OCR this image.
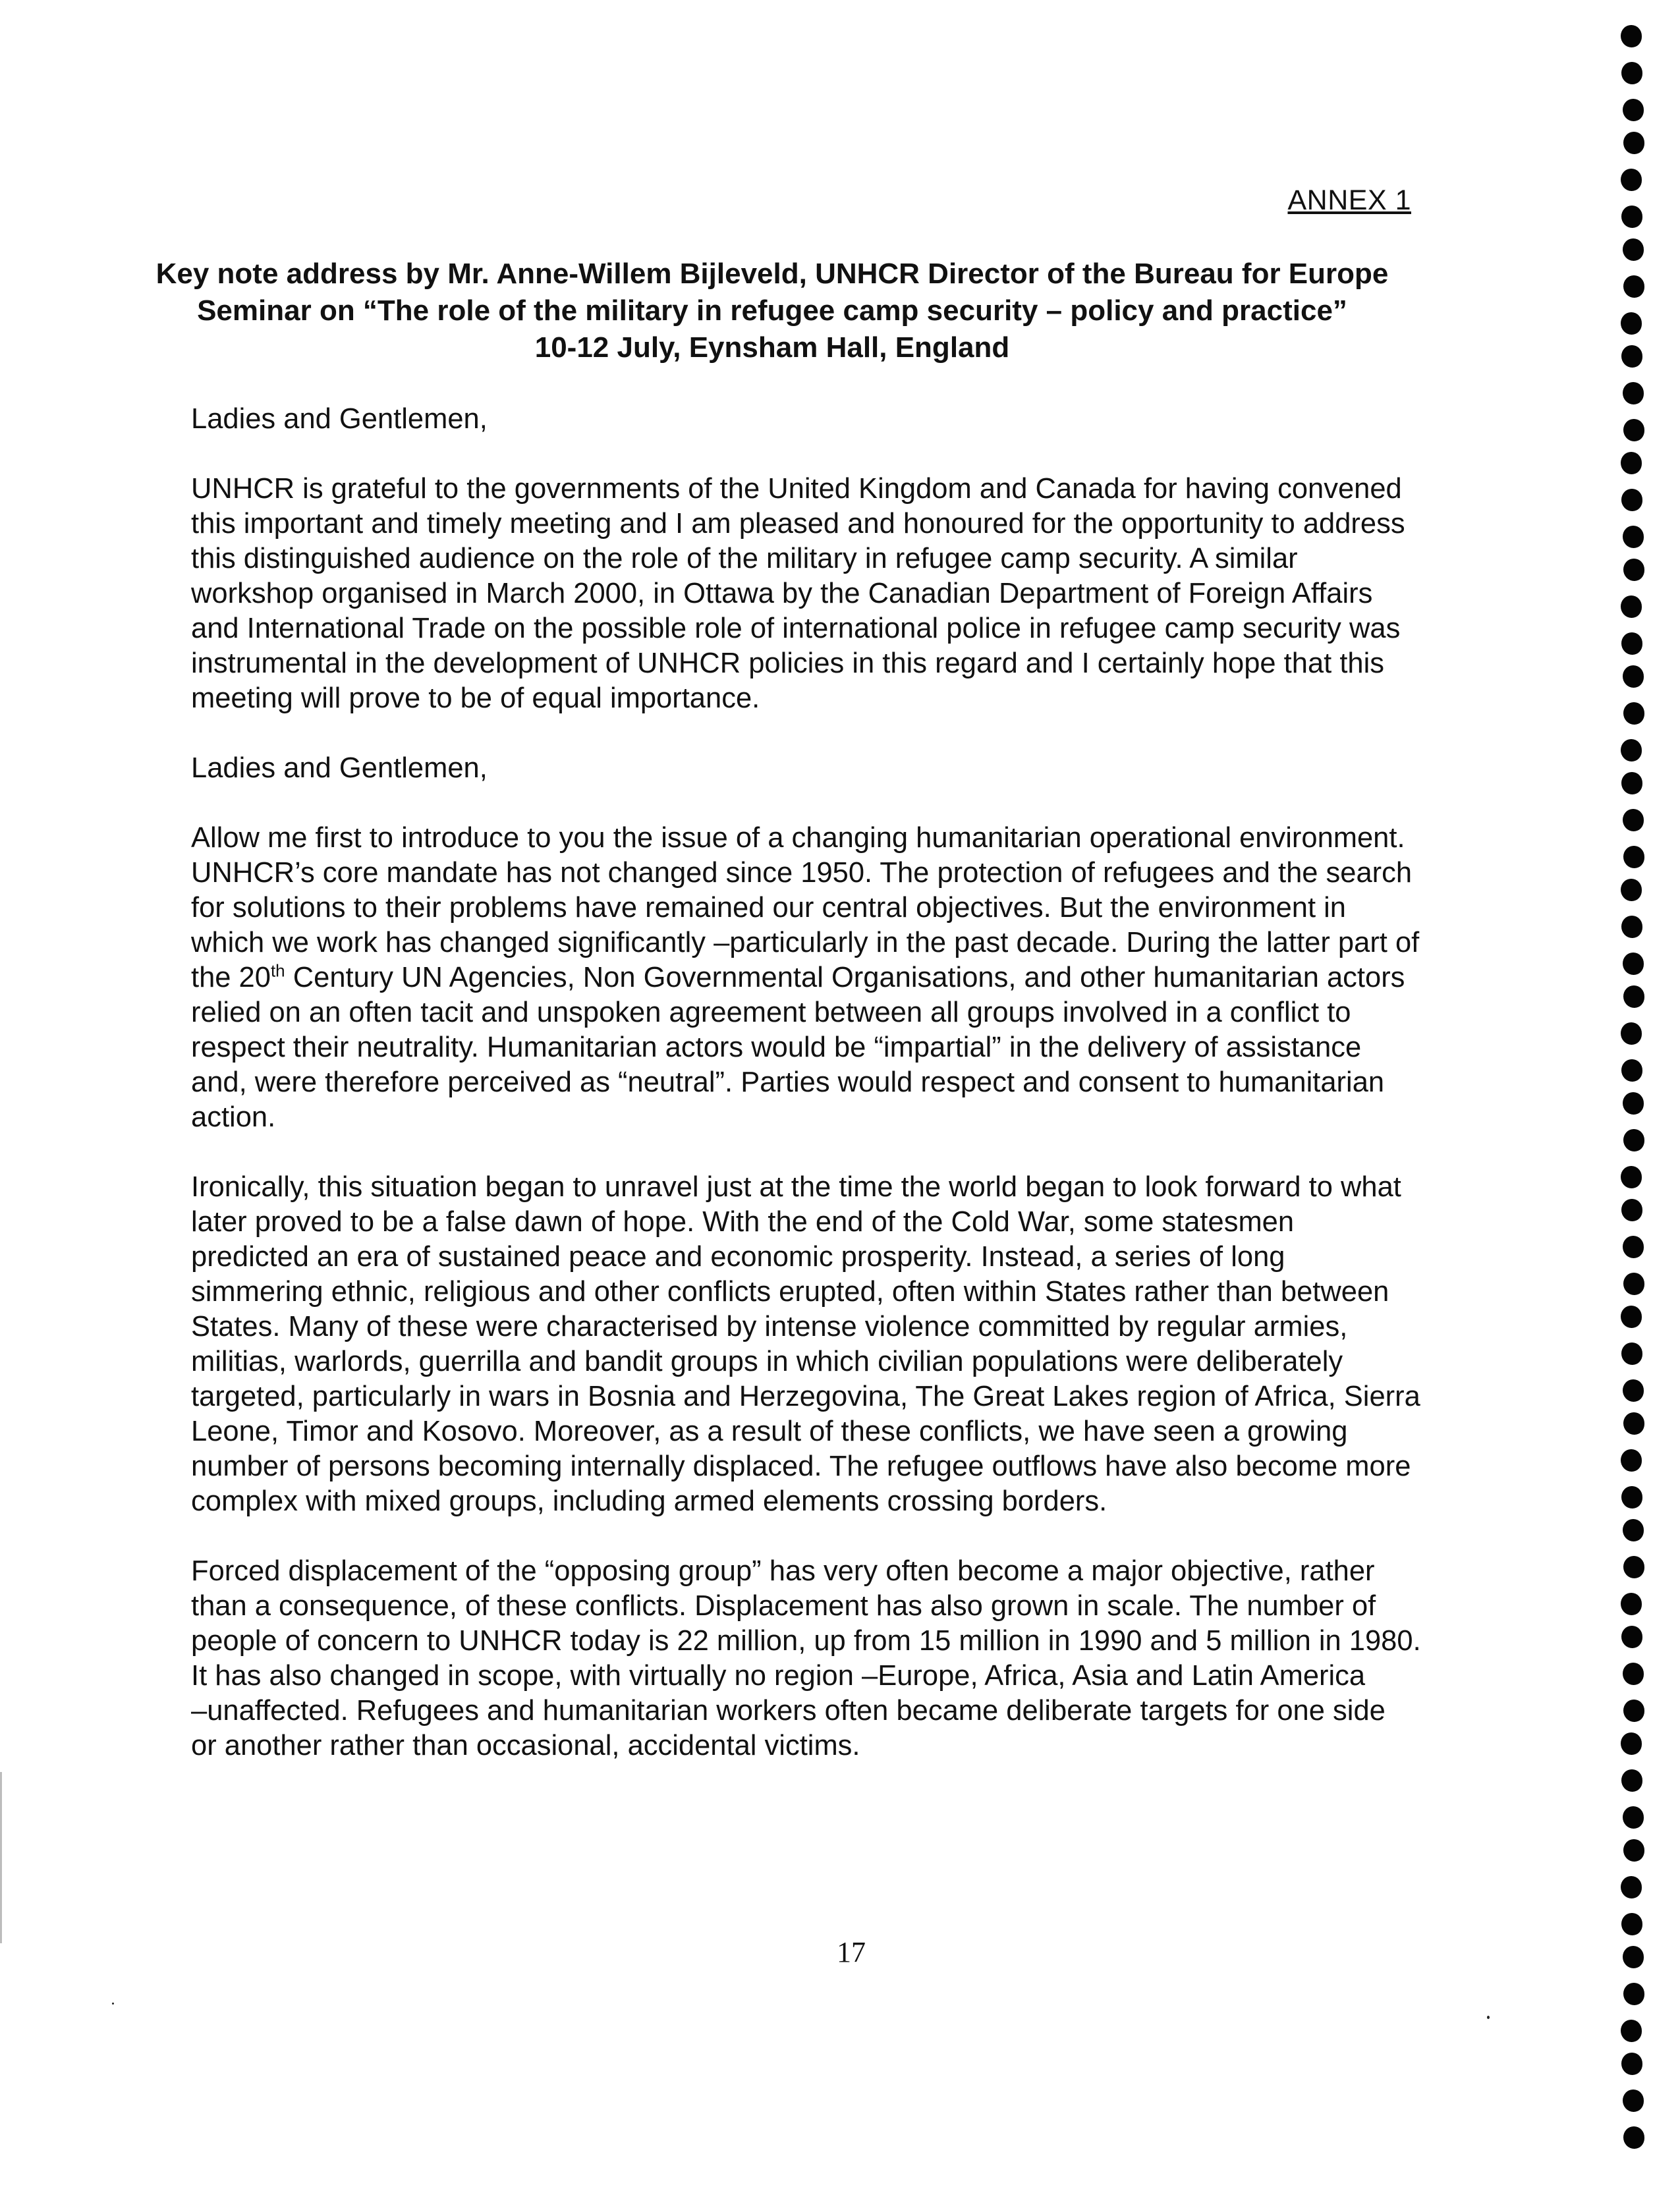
ANNEX 1
Key note address by Mr. Anne-Willem Bijleveld, UNHCR Director of the Bureau for Europe
Seminar on “The role of the military in refugee camp security – policy and practice”
10-12 July, Eynsham Hall, England

Ladies and Gentlemen,

UNHCR is grateful to the governments of the United Kingdom and Canada for having convened
this important and timely meeting and I am pleased and honoured for the opportunity to address
this distinguished audience on the role of the military in refugee camp security. A similar
workshop organised in March 2000, in Ottawa by the Canadian Department of Foreign Affairs
and International Trade on the possible role of international police in refugee camp security was
instrumental in the development of UNHCR policies in this regard and I certainly hope that this
meeting will prove to be of equal importance.

Ladies and Gentlemen,

Allow me first to introduce to you the issue of a changing humanitarian operational environment.
UNHCR’s core mandate has not changed since 1950. The protection of refugees and the search
for solutions to their problems have remained our central objectives. But the environment in
which we work has changed significantly –particularly in the past decade. During the latter part of
the 20th Century UN Agencies, Non Governmental Organisations, and other humanitarian actors
relied on an often tacit and unspoken agreement between all groups involved in a conflict to
respect their neutrality. Humanitarian actors would be “impartial” in the delivery of assistance
and, were therefore perceived as “neutral”. Parties would respect and consent to humanitarian
action.

Ironically, this situation began to unravel just at the time the world began to look forward to what
later proved to be a false dawn of hope. With the end of the Cold War, some statesmen
predicted an era of sustained peace and economic prosperity. Instead, a series of long
simmering ethnic, religious and other conflicts erupted, often within States rather than between
States. Many of these were characterised by intense violence committed by regular armies,
militias, warlords, guerrilla and bandit groups in which civilian populations were deliberately
targeted, particularly in wars in Bosnia and Herzegovina, The Great Lakes region of Africa, Sierra
Leone, Timor and Kosovo. Moreover, as a result of these conflicts, we have seen a growing
number of persons becoming internally displaced. The refugee outflows have also become more
complex with mixed groups, including armed elements crossing borders.

Forced displacement of the “opposing group” has very often become a major objective, rather
than a consequence, of these conflicts. Displacement has also grown in scale. The number of
people of concern to UNHCR today is 22 million, up from 15 million in 1990 and 5 million in 1980.
It has also changed in scope, with virtually no region –Europe, Africa, Asia and Latin America
–unaffected. Refugees and humanitarian workers often became deliberate targets for one side
or another rather than occasional, accidental victims.

17
